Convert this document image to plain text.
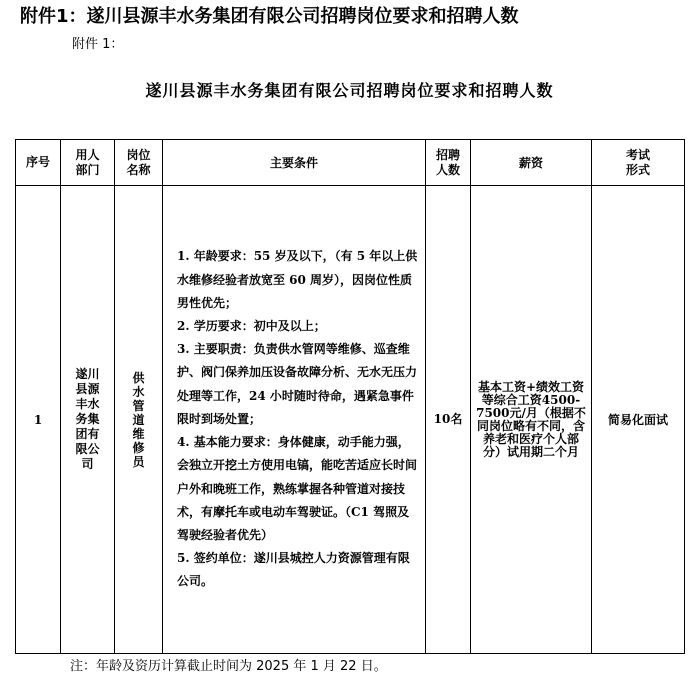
附件1：遂川县源丰水务集团有限公司招聘岗位要求和招聘人数
附件 1：
遂川县源丰水务集团有限公司招聘岗位要求和招聘人数
序号	用人部门	岗位名称	主要条件	招聘人数	薪资	考试形式
1	遂川县源丰水务集团有限公司	供水管道维修员	1. 年龄要求：55 岁及以下，（有 5 年以上供水维修经验者放宽至 60 周岁），因岗位性质男性优先；

2. 学历要求：初中及以上；

3. 主要职责：负责供水管网等维修、巡查维护、阀门保养加压设备故障分析、无水无压力处理等工作，24 小时随时待命，遇紧急事件限时到场处置；

4. 基本能力要求：身体健康，动手能力强，会独立开挖土方使用电镐，能吃苦适应长时间户外和晚班工作，熟练掌握各种管道对接技术，有摩托车或电动车驾驶证。（C1 驾照及驾驶经验者优先）

5. 签约单位：遂川县城控人力资源管理有限公司。	10名	基本工资+绩效工资等综合工资4500-7500元/月（根据不同岗位略有不同，含养老和医疗个人部分）试用期二个月	简易化面试
注：年龄及资历计算截止时间为 2025 年 1 月 22 日。
